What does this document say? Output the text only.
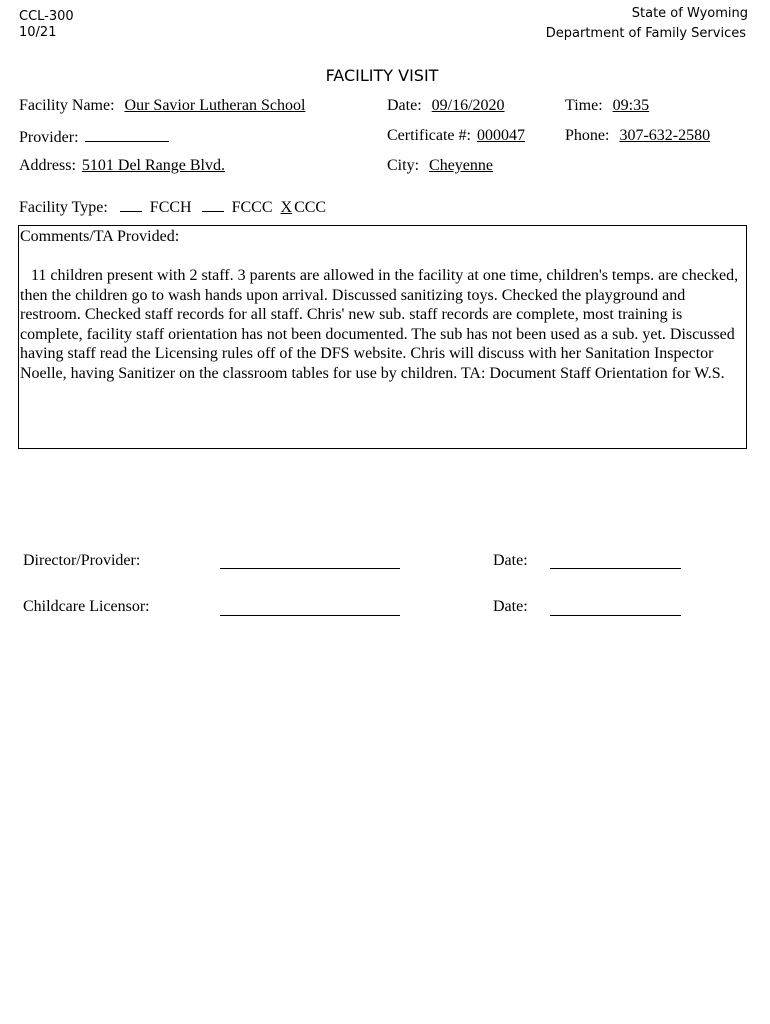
CCL-300
10/21
State of Wyoming
Department of Family Services
FACILITY VISIT
Facility Name: Our Savior Lutheran School	Date: 09/16/2020	Time: 09:35
Provider:	Certificate #: 000047	Phone: 307-632-2580
Address: 5101 Del Range Blvd.	City: Cheyenne
Facility Type:	FCCH	FCCC X CCC
Comments/TA Provided:
11 children present with 2 staff. 3 parents are allowed in the facility at one time, children's temps. are checked, then the children go to wash hands upon arrival. Discussed sanitizing toys. Checked the playground and restroom. Checked staff records for all staff. Chris' new sub. staff records are complete, most training is complete, facility staff orientation has not been documented. The sub has not been used as a sub. yet. Discussed having staff read the Licensing rules off of the DFS website. Chris will discuss with her Sanitation Inspector Noelle, having Sanitizer on the classroom tables for use by children. TA: Document Staff Orientation for W.S.
Director/Provider:	Date:
Childcare Licensor:	Date:
